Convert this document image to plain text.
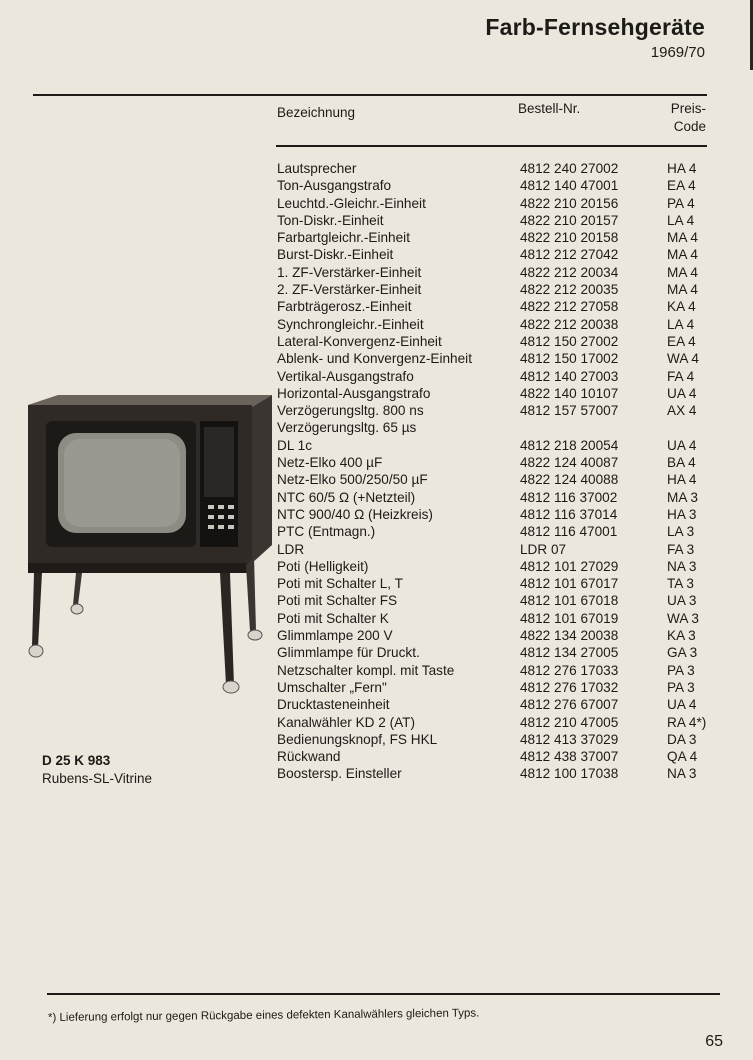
Farb-Fernsehgeräte
1969/70
Bezeichnung	Bestell-Nr.	Preis-
Code
Lautsprecher	4812 240 27002	HA 4
Ton-Ausgangstrafo	4812 140 47001	EA 4
Leuchtd.-Gleichr.-Einheit	4822 210 20156	PA 4
Ton-Diskr.-Einheit	4822 210 20157	LA 4
Farbartgleichr.-Einheit	4822 210 20158	MA 4
Burst-Diskr.-Einheit	4812 212 27042	MA 4
1. ZF-Verstärker-Einheit	4822 212 20034	MA 4
2. ZF-Verstärker-Einheit	4822 212 20035	MA 4
Farbträgerosz.-Einheit	4822 212 27058	KA 4
Synchrongleichr.-Einheit	4822 212 20038	LA 4
Lateral-Konvergenz-Einheit	4812 150 27002	EA 4
Ablenk- und Konvergenz-Einheit	4812 150 17002	WA 4
Vertikal-Ausgangstrafo	4812 140 27003	FA 4
Horizontal-Ausgangstrafo	4822 140 10107	UA 4
Verzögerungsltg. 800 ns	4812 157 57007	AX 4
Verzögerungsltg. 65 µs
DL 1c	4812 218 20054	UA 4
Netz-Elko 400 µF	4822 124 40087	BA 4
Netz-Elko 500/250/50 µF	4822 124 40088	HA 4
NTC 60/5 Ω (+Netzteil)	4812 116 37002	MA 3
NTC 900/40 Ω (Heizkreis)	4812 116 37014	HA 3
PTC (Entmagn.)	4812 116 47001	LA 3
LDR	LDR 07	FA 3
Poti (Helligkeit)	4812 101 27029	NA 3
Poti mit Schalter L, T	4812 101 67017	TA 3
Poti mit Schalter FS	4812 101 67018	UA 3
Poti mit Schalter K	4812 101 67019	WA 3
Glimmlampe 200 V	4822 134 20038	KA 3
Glimmlampe für Druckt.	4812 134 27005	GA 3
Netzschalter kompl. mit Taste	4812 276 17033	PA 3
Umschalter „Fern"	4812 276 17032	PA 3
Drucktasteneinheit	4812 276 67007	UA 4
Kanalwähler KD 2 (AT)	4812 210 47005	RA 4*)
Bedienungsknopf, FS HKL	4812 413 37029	DA 3
Rückwand	4812 438 37007	QA 4
Boostersp. Einsteller	4812 100 17038	NA 3
D 25 K 983
Rubens-SL-Vitrine
*) Lieferung erfolgt nur gegen Rückgabe eines defekten Kanalwählers gleichen Typs.
65
